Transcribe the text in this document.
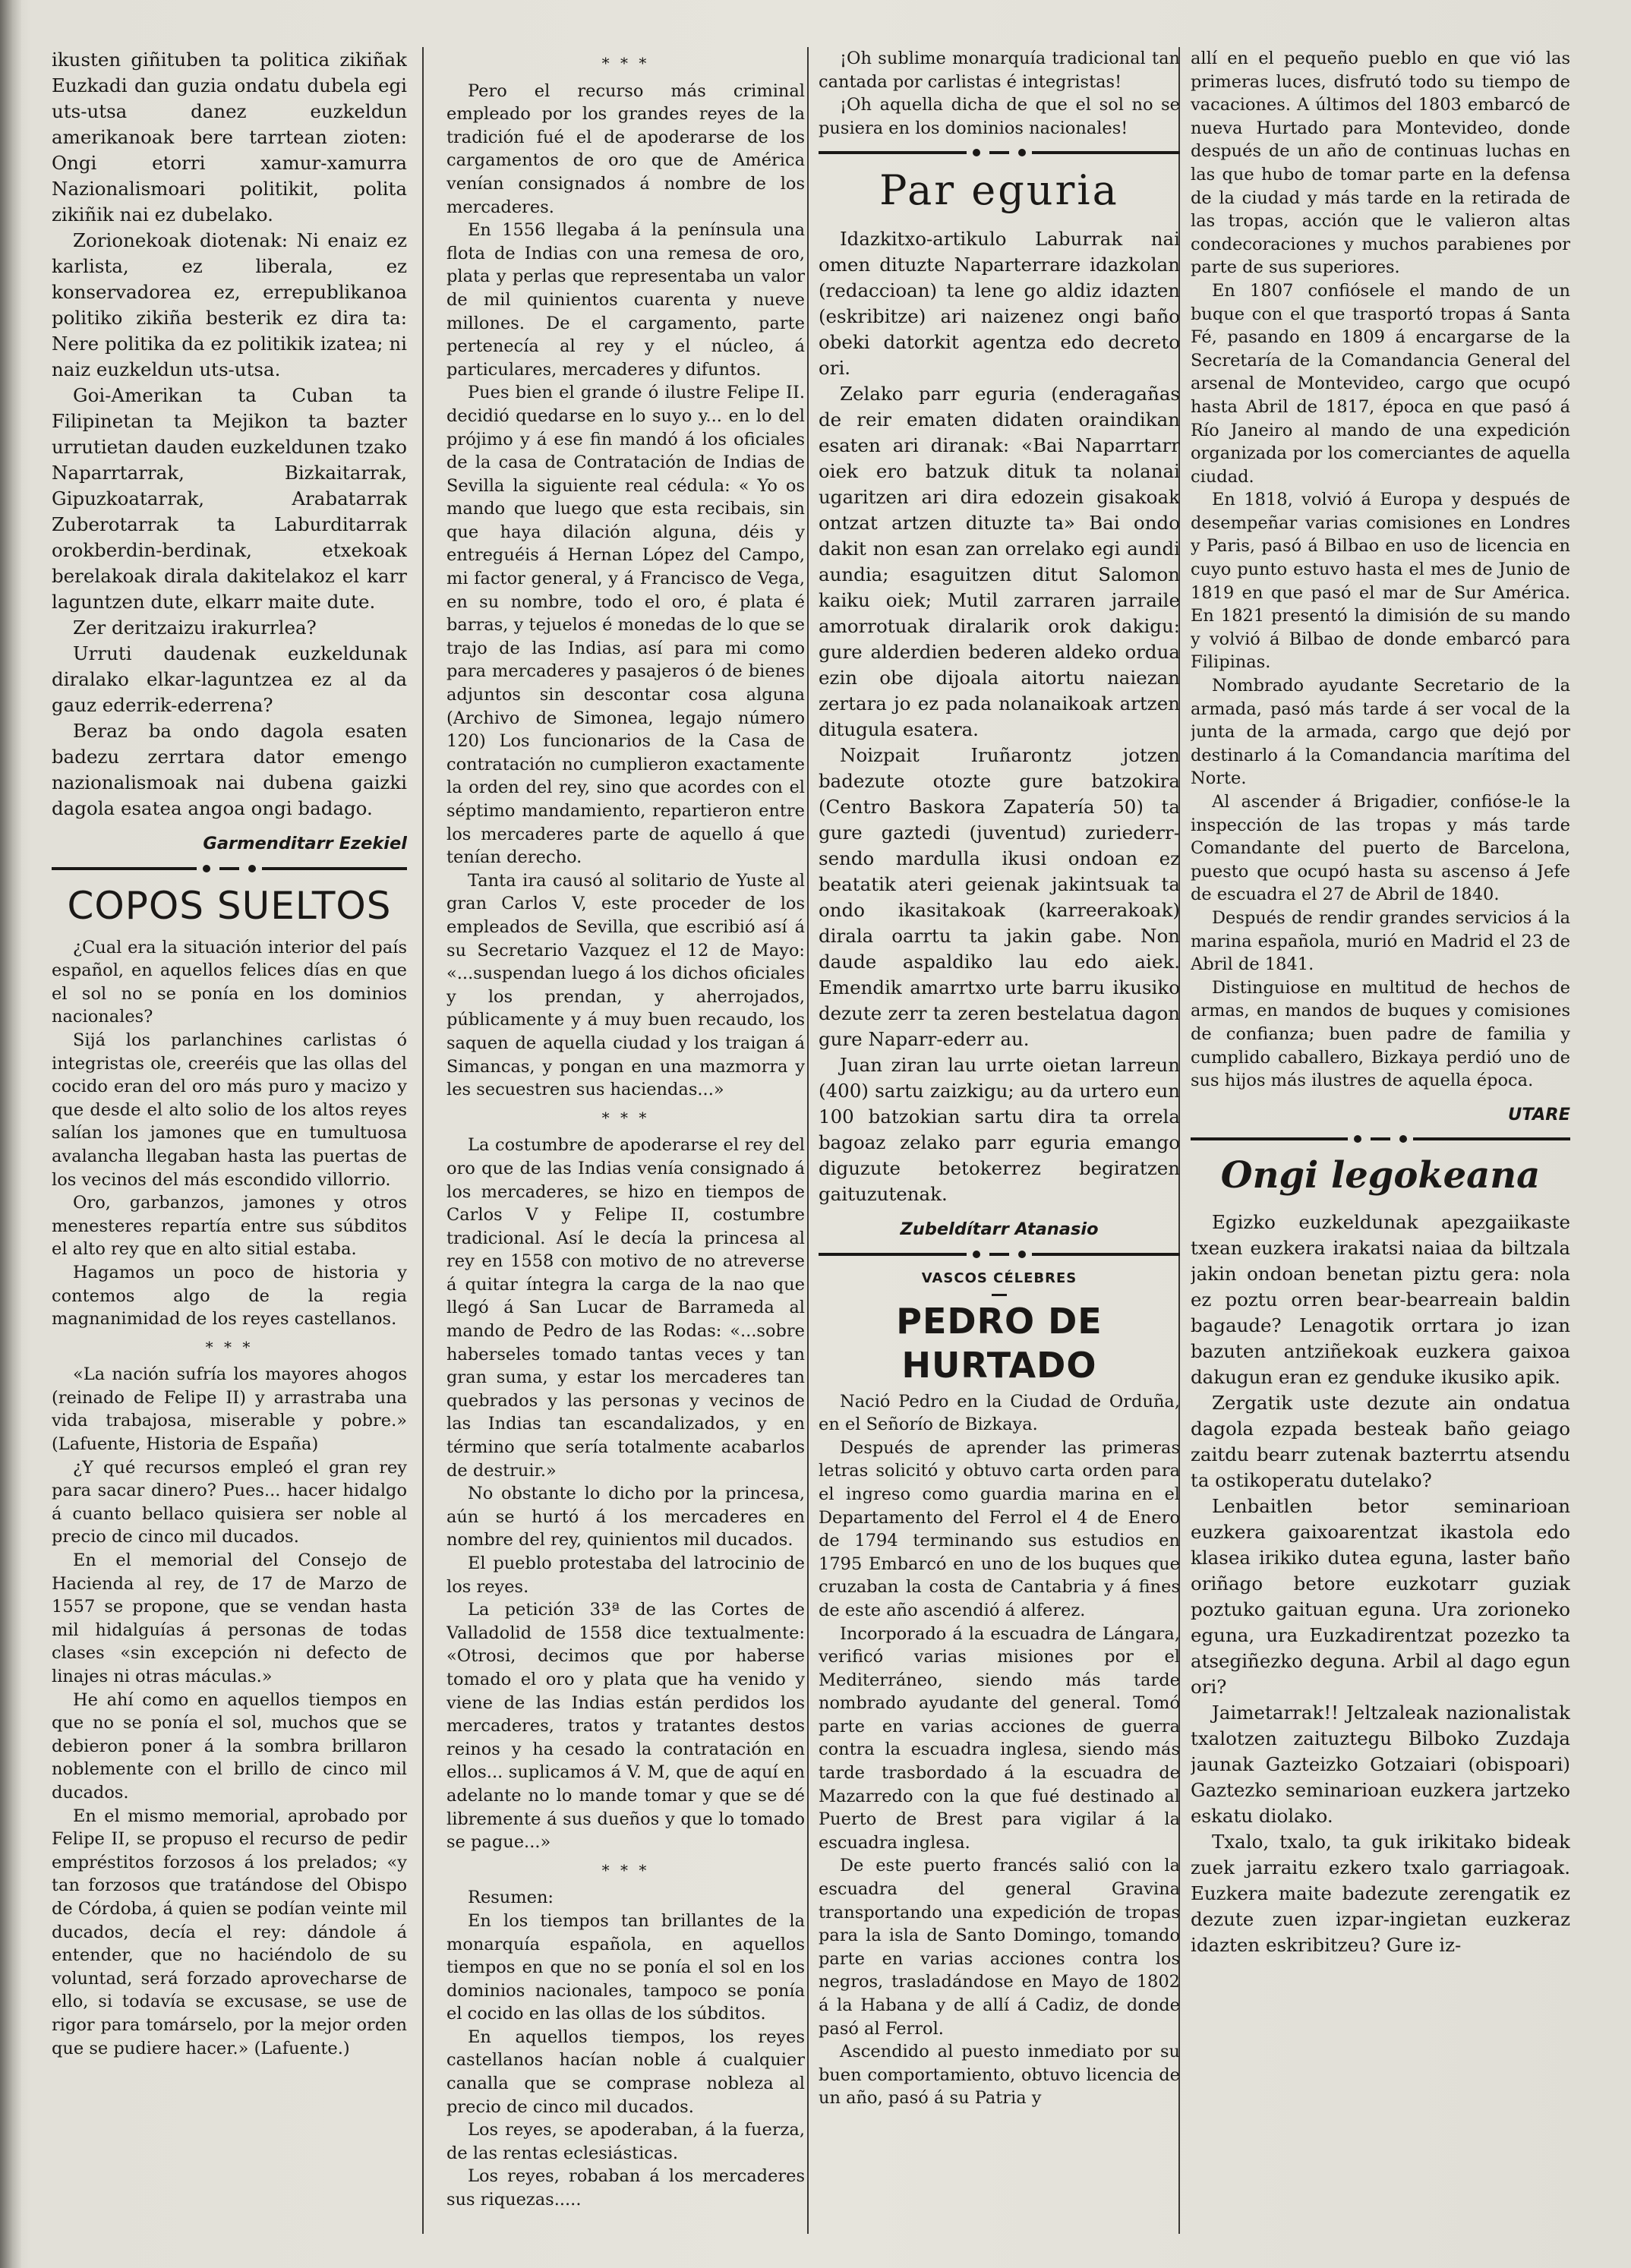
ikusten giñituben ta politica zikiñak Euzkadi dan guzia ondatu dubela egi uts-utsa danez euzkeldun amerikanoak bere tarrtean zioten: Ongi etorri xamur-xamurra Nazionalismoari politikit, polita zikiñik nai ez dubelako.

Zorionekoak diotenak: Ni enaiz ez karlista, ez liberala, ez konservadorea ez, errepublikanoa politiko zikiña besterik ez dira ta: Nere politika da ez politikik izatea; ni naiz euzkeldun uts-utsa.

Goi-Amerikan ta Cuban ta Filipinetan ta Mejikon ta bazter urrutietan dauden euzkeldunen tzako Naparrtarrak, Bizkaitarrak, Gipuzkoatarrak, Arabatarrak Zuberotarrak ta Laburditarrak orokberdin-berdinak, etxekoak berelakoak dirala dakitelakoz el karr laguntzen dute, elkarr maite dute.

Zer deritzaizu irakurrlea?

Urruti daudenak euzkeldunak diralako elkar-laguntzea ez al da gauz ederrik-ederrena?

Beraz ba ondo dagola esaten badezu zerrtara dator emengo nazionalismoak nai dubena gaizki dagola esatea angoa ongi badago.

Garmenditarr Ezekiel

COPOS SUELTOS

¿Cual era la situación interior del país español, en aquellos felices días en que el sol no se ponía en los dominios nacionales?

Sijá los parlanchines carlistas ó integristas ole, creeréis que las ollas del cocido eran del oro más puro y macizo y que desde el alto solio de los altos reyes salían los jamones que en tumultuosa avalancha llegaban hasta las puertas de los vecinos del más escondido villorrio.

Oro, garbanzos, jamones y otros menesteres repartía entre sus súbditos el alto rey que en alto sitial estaba.

Hagamos un poco de historia y contemos algo de la regia magnanimidad de los reyes castellanos.

* * *

«La nación sufría los mayores ahogos (reinado de Felipe II) y arrastraba una vida trabajosa, miserable y pobre.» (Lafuente, Historia de España)

¿Y qué recursos empleó el gran rey para sacar dinero? Pues... hacer hidalgo á cuanto bellaco quisiera ser noble al precio de cinco mil ducados.

En el memorial del Consejo de Hacienda al rey, de 17 de Marzo de 1557 se propone, que se vendan hasta mil hidalguías á personas de todas clases «sin excepción ni defecto de linajes ni otras máculas.»

He ahí como en aquellos tiempos en que no se ponía el sol, muchos que se debieron poner á la sombra brillaron noblemente con el brillo de cinco mil ducados.

En el mismo memorial, aprobado por Felipe II, se propuso el recurso de pedir empréstitos forzosos á los prelados; «y tan forzosos que tratándose del Obispo de Córdoba, á quien se podían veinte mil ducados, decía el rey: dándole á entender, que no haciéndolo de su voluntad, será forzado aprovecharse de ello, si todavía se excusase, se use de rigor para tomárselo, por la mejor orden que se pudiere hacer.» (Lafuente.)

* * *

Pero el recurso más criminal empleado por los grandes reyes de la tradición fué el de apoderarse de los cargamentos de oro que de América venían consignados á nombre de los mercaderes.

En 1556 llegaba á la península una flota de Indias con una remesa de oro, plata y perlas que representaba un valor de mil quinientos cuarenta y nueve millones. De el cargamento, parte pertenecía al rey y el núcleo, á particulares, mercaderes y difuntos.

Pues bien el grande ó ilustre Felipe II. decidió quedarse en lo suyo y... en lo del prójimo y á ese fin mandó á los oficiales de la casa de Contratación de Indias de Sevilla la siguiente real cédula: « Yo os mando que luego que esta recibais, sin que haya dilación alguna, déis y entreguéis á Hernan López del Campo, mi factor general, y á Francisco de Vega, en su nombre, todo el oro, é plata é barras, y tejuelos é monedas de lo que se trajo de las Indias, así para mi como para mercaderes y pasajeros ó de bienes adjuntos sin descontar cosa alguna (Archivo de Simonea, legajo número 120) Los funcionarios de la Casa de contratación no cumplieron exactamente la orden del rey, sino que acordes con el séptimo mandamiento, repartieron entre los mercaderes parte de aquello á que tenían derecho.

Tanta ira causó al solitario de Yuste al gran Carlos V, este proceder de los empleados de Sevilla, que escribió así á su Secretario Vazquez el 12 de Mayo: «...suspendan luego á los dichos oficiales y los prendan, y aherrojados, públicamente y á muy buen recaudo, los saquen de aquella ciudad y los traigan á Simancas, y pongan en una mazmorra y les secuestren sus haciendas...»

* * *

La costumbre de apoderarse el rey del oro que de las Indias venía consignado á los mercaderes, se hizo en tiempos de Carlos V y Felipe II, costumbre tradicional. Así le decía la princesa al rey en 1558 con motivo de no atreverse á quitar íntegra la carga de la nao que llegó á San Lucar de Barrameda al mando de Pedro de las Rodas: «...sobre haberseles tomado tantas veces y tan gran suma, y estar los mercaderes tan quebrados y las personas y vecinos de las Indias tan escandalizados, y en término que sería totalmente acabarlos de destruir.»

No obstante lo dicho por la princesa, aún se hurtó á los mercaderes en nombre del rey, quinientos mil ducados.

El pueblo protestaba del latrocinio de los reyes.

La petición 33ª de las Cortes de Valladolid de 1558 dice textualmente: «Otrosi, decimos que por haberse tomado el oro y plata que ha venido y viene de las Indias están perdidos los mercaderes, tratos y tratantes destos reinos y ha cesado la contratación en ellos... suplicamos á V. M, que de aquí en adelante no lo mande tomar y que se dé libremente á sus dueños y que lo tomado se pague...»

* * *

Resumen:

En los tiempos tan brillantes de la monarquía española, en aquellos tiempos en que no se ponía el sol en los dominios nacionales, tampoco se ponía el cocido en las ollas de los súbditos.

En aquellos tiempos, los reyes castellanos hacían noble á cualquier canalla que se comprase nobleza al precio de cinco mil ducados.

Los reyes, se apoderaban, á la fuerza, de las rentas eclesiásticas.

Los reyes, robaban á los mercaderes sus riquezas.....

¡Oh sublime monarquía tradicional tan cantada por carlistas é integristas!

¡Oh aquella dicha de que el sol no se pusiera en los dominios nacionales!

Par eguria

Idazkitxo-artikulo Laburrak nai omen dituzte Naparterrare idazkolan (redaccioan) ta lene go aldiz idazten (eskribitze) ari naizenez ongi baño obeki datorkit agentza edo decreto ori.

Zelako parr eguria (enderagañas de reir ematen didaten oraindikan esaten ari diranak: «Bai Naparrtarr oiek ero batzuk dituk ta nolanai ugaritzen ari dira edozein gisakoak ontzat artzen dituzte ta» Bai ondo dakit non esan zan orrelako egi aundi aundia; esaguitzen ditut Salomon kaiku oiek; Mutil zarraren jarraile amorrotuak diralarik orok dakigu: gure alderdien bederen aldeko ordua ezin obe dijoala aitortu naiezan zertara jo ez pada nolanaikoak artzen ditugula esatera.

Noizpait Iruñarontz jotzen badezute otozte gure batzokira (Centro Baskora Zapatería 50) ta gure gaztedi (juventud) zuriederr-sendo mardulla ikusi ondoan ez beatatik ateri geienak jakintsuak ta ondo ikasitakoak (karreerakoak) dirala oarrtu ta jakin gabe. Non daude aspaldiko lau edo aiek. Emendik amarrtxo urte barru ikusiko dezute zerr ta zeren bestelatua dagon gure Naparr-ederr au.

Juan ziran lau urrte oietan larreun (400) sartu zaizkigu; au da urtero eun 100 batzokian sartu dira ta orrela bagoaz zelako parr eguria emango diguzute betokerrez begiratzen gaituzutenak.

Zubeldítarr Atanasio

VASCOS CÉLEBRES

PEDRO DE HURTADO

Nació Pedro en la Ciudad de Orduña, en el Señorío de Bizkaya.

Después de aprender las primeras letras solicitó y obtuvo carta orden para el ingreso como guardia marina en el Departamento del Ferrol el 4 de Enero de 1794 terminando sus estudios en 1795 Embarcó en uno de los buques que cruzaban la costa de Cantabria y á fines de este año ascendió á alferez.

Incorporado á la escuadra de Lángara, verificó varias misiones por el Mediterráneo, siendo más tarde nombrado ayudante del general. Tomó parte en varias acciones de guerra contra la escuadra inglesa, siendo más tarde trasbordado á la escuadra de Mazarredo con la que fué destinado al Puerto de Brest para vigilar á la escuadra inglesa.

De este puerto francés salió con la escuadra del general Gravina transportando una expedición de tropas para la isla de Santo Domingo, tomando parte en varias acciones contra los negros, trasladándose en Mayo de 1802 á la Habana y de allí á Cadiz, de donde pasó al Ferrol.

Ascendido al puesto inmediato por su buen comportamiento, obtuvo licencia de un año, pasó á su Patria y

allí en el pequeño pueblo en que vió las primeras luces, disfrutó todo su tiempo de vacaciones. A últimos del 1803 embarcó de nueva Hurtado para Montevideo, donde después de un año de continuas luchas en las que hubo de tomar parte en la defensa de la ciudad y más tarde en la retirada de las tropas, acción que le valieron altas condecoraciones y muchos parabienes por parte de sus superiores.

En 1807 confiósele el mando de un buque con el que trasportó tropas á Santa Fé, pasando en 1809 á encargarse de la Secretaría de la Comandancia General del arsenal de Montevideo, cargo que ocupó hasta Abril de 1817, época en que pasó á Río Janeiro al mando de una expedición organizada por los comerciantes de aquella ciudad.

En 1818, volvió á Europa y después de desempeñar varias comisiones en Londres y Paris, pasó á Bilbao en uso de licencia en cuyo punto estuvo hasta el mes de Junio de 1819 en que pasó el mar de Sur América. En 1821 presentó la dimisión de su mando y volvió á Bilbao de donde embarcó para Filipinas.

Nombrado ayudante Secretario de la armada, pasó más tarde á ser vocal de la junta de la armada, cargo que dejó por destinarlo á la Comandancia marítima del Norte.

Al ascender á Brigadier, confióse-le la inspección de las tropas y más tarde Comandante del puerto de Barcelona, puesto que ocupó hasta su ascenso á Jefe de escuadra el 27 de Abril de 1840.

Después de rendir grandes servicios á la marina española, murió en Madrid el 23 de Abril de 1841.

Distinguiose en multitud de hechos de armas, en mandos de buques y comisiones de confianza; buen padre de familia y cumplido caballero, Bizkaya perdió uno de sus hijos más ilustres de aquella época.

UTARE

Ongi legokeana

Egizko euzkeldunak apezgaiikaste txean euzkera irakatsi naiaa da biltzala jakin ondoan benetan piztu gera: nola ez poztu orren bear-bearreain baldin bagaude? Lenagotik orrtara jo izan bazuten antziñekoak euzkera gaixoa dakugun eran ez genduke ikusiko apik.

Zergatik uste dezute ain ondatua dagola ezpada besteak baño geiago zaitdu bearr zutenak bazterrtu atsendu ta ostikoperatu dutelako?

Lenbaitlen betor seminarioan euzkera gaixoarentzat ikastola edo klasea irikiko dutea eguna, laster baño oriñago betore euzkotarr guziak poztuko gaituan eguna. Ura zorioneko eguna, ura Euzkadirentzat pozezko ta atsegiñezko deguna. Arbil al dago egun ori?

Jaimetarrak!! Jeltzaleak nazionalistak txalotzen zaituztegu Bilboko Zuzdaja jaunak Gazteizko Gotzaiari (obispoari) Gaztezko seminarioan euzkera jartzeko eskatu diolako.

Txalo, txalo, ta guk irikitako bideak zuek jarraitu ezkero txalo garriagoak. Euzkera maite badezute zerengatik ez dezute zuen izpar-ingietan euzkeraz idazten eskribitzeu? Gure iz-
